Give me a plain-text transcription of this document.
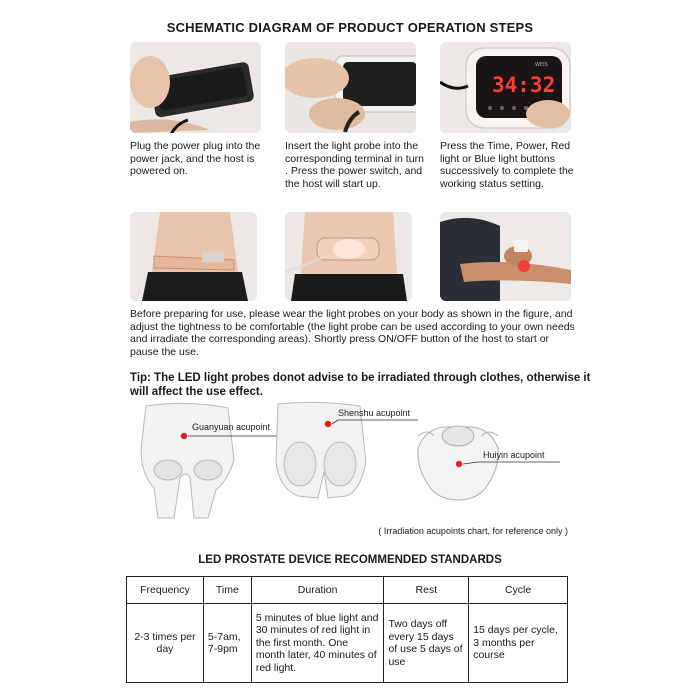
SCHEMATIC DIAGRAM OF PRODUCT OPERATION STEPS
34:32
WEIS
Plug the power plug into the power jack, and the host is powered on.
Insert the light probe into the corresponding terminal in turn . Press the power switch, and the host will start up.
Press the Time, Power, Red light or Blue light buttons successively to complete the working status setting.
Before preparing for use, please wear the light probes on your body as shown in the figure, and adjust the tightness to be comfortable (the light probe can be used according to your own needs and irradiate the corresponding areas). Shortly press ON/OFF button of the host to start or pause the use.
Tip: The LED light probes donot advise to be irradiated through clothes, otherwise it will affect the use effect.
Guanyuan acupoint
Shenshu acupoint
Huiyin acupoint
( Irradiation acupoints chart, for reference only )
LED PROSTATE DEVICE RECOMMENDED STANDARDS
Frequency	Time	Duration	Rest	Cycle
2-3 times per day	5-7am, 7-9pm	5 minutes of blue light and 30 minutes of red light in the first month. One month later, 40 minutes of red light.	Two days off every 15 days of use 5 days of use	15 days per cycle, 3 months per course
